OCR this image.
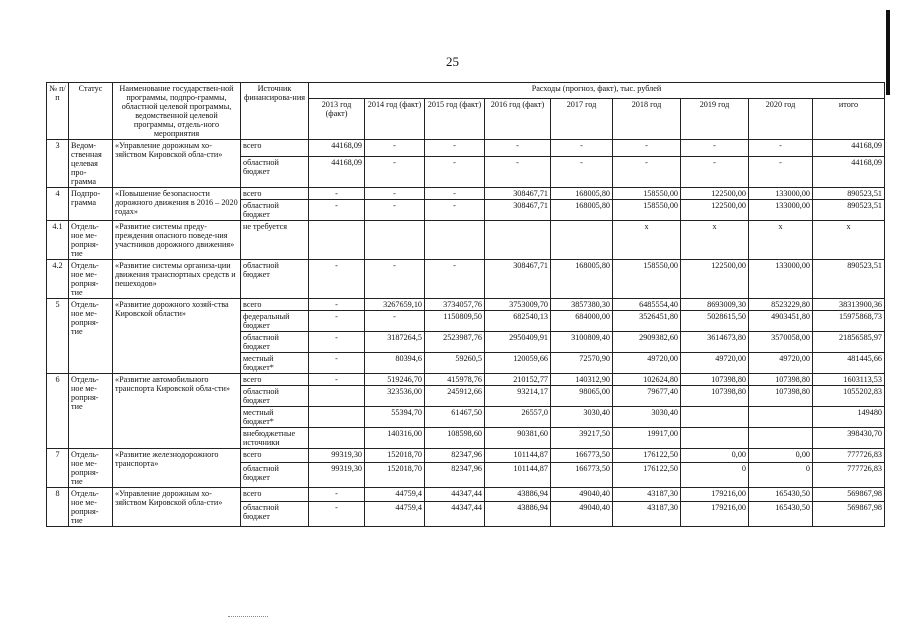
25
№ п/п	Статус	Наименование государствен-ной программы, подпро-граммы, областной целевой программы, ведомственной целевой программы, отдель-ного мероприятия	Источник финансирова-ния	Расходы (прогноз, факт), тыс. рублей								
				2013 год (факт)	2014 год (факт)	2015 год (факт)	2016 год (факт)	2017 год	2018 год	2019 год	2020 год	итого
3	Ведом-ственная целевая про-грамма	«Управление дорожным хо-зяйством Кировской обла-сти»	всего	44168,09	-	-	-	-	-	-	-	44168,09
			областной бюджет	44168,09	-	-	-	-	-	-	-	44168,09
4	Подпро-грамма	«Повышение безопасности дорожного движения в 2016 – 2020 годах»	всего	-	-	-	308467,71	168005,80	158550,00	122500,00	133000,00	890523,51
			областной бюджет	-	-	-	308467,71	168005,80	158550,00	122500,00	133000,00	890523,51
4.1	Отдель-ное ме-ропрня-тие	«Развитие системы преду-преждения опасного поведе-ния участников дорожного движения»	не требуется						x	x	x	x
4.2	Отдель-ное ме-ропрня-тие	«Развитие системы организа-ции движения транспортных средств и пешеходов»	областной бюджет	-	-	-	308467,71	168005,80	158550,00	122500,00	133000,00	890523,51
5	Отдель-ное ме-ропрня-тие	«Развитие дорожного хозяй-ства Кировской области»	всего	-	3267659,10	3734057,76	3753009,70	3857380,30	6485554,40	8693009,30	8523229,80	38313900,36
			федеральный бюджет	-	-	1150809,50	682540,13	684000,00	3526451,80	5028615,50	4903451,80	15975868,73
			областной бюджет	-	3187264,5	2523987,76	2950409,91	3100809,40	2909382,60	3614673,80	3570058,00	21856585,97
			местный бюджет*	-	80394,6	59260,5	120059,66	72570,90	49720,00	49720,00	49720,00	481445,66
6	Отдель-ное ме-ропрня-тие	«Развитие автомобильного транспорта Кировской обла-сти»	всего	-	519246,70	415978,76	210152,77	140312,90	102624,80	107398,80	107398,80	1603113,53
			областной бюджет		323536,00	245912,66	93214,17	98065,00	79677,40	107398,80	107398,80	1055202,83
			местный бюджет*		55394,70	61467,50	26557,0	3030,40	3030,40			149480
			внебюджетные источники		140316,00	108598,60	90381,60	39217,50	19917,00			398430,70
7	Отдель-ное ме-ропрня-тие	«Развитие железнодорожного транспорта»	всего	99319,30	152018,70	82347,96	101144,87	166773,50	176122,50	0,00	0,00	777726,83
			областной бюджет	99319,30	152018,70	82347,96	101144,87	166773,50	176122,50	0	0	777726,83
8	Отдель-ное ме-ропрня-тие	«Управление дорожным хо-зяйством Кировской обла-сти»	всего	-	44759,4	44347,44	43886,94	49040,40	43187,30	179216,00	165430,50	569867,98
			областной бюджет	-	44759,4	44347,44	43886,94	49040,40	43187,30	179216,00	165430,50	569867,98
